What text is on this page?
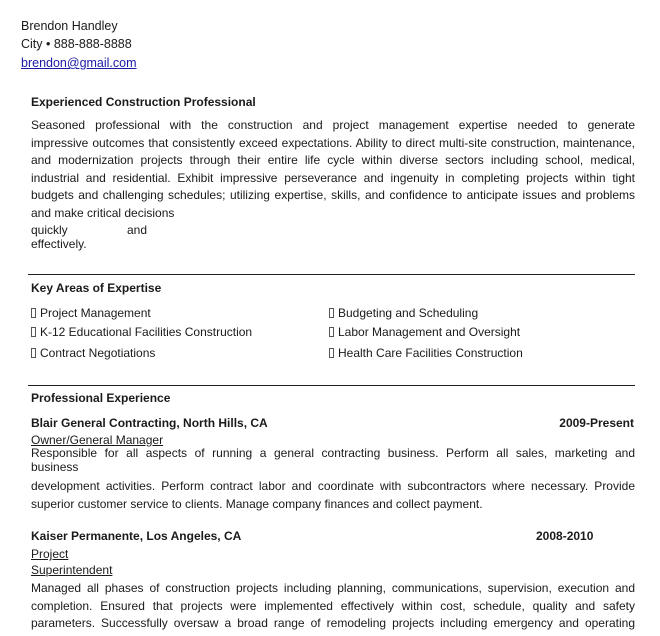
Brendon Handley
City • 888-888-8888
brendon@gmail.com
Experienced Construction Professional
Seasoned professional with the construction and project management expertise needed to generate
impressive outcomes that consistently exceed expectations. Ability to direct multi-site construction, maintenance,
and modernization projects through their entire life cycle within diverse sectors including school, medical,
industrial and residential. Exhibit impressive perseverance and ingenuity in completing projects within tight
budgets and challenging schedules; utilizing expertise, skills, and confidence to anticipate issues and problems
and make critical decisions
quickly and
effectively.
Key Areas of Expertise
Project Management
K-12 Educational Facilities Construction
Contract Negotiations
Budgeting and Scheduling
Labor Management and Oversight
Health Care Facilities Construction
Professional Experience
Blair General Contracting, North Hills, CA	2009-Present
Owner/General Manager
Responsible for all aspects of running a general contracting business. Perform all sales, marketing and
business
development activities. Perform contract labor and coordinate with subcontractors where necessary. Provide
superior customer service to clients. Manage company finances and collect payment.
Kaiser Permanente, Los Angeles, CA	2008-2010
Project
Superintendent
Managed all phases of construction projects including planning, communications, supervision, execution and
completion. Ensured that projects were implemented effectively within cost, schedule, quality and safety
parameters. Successfully oversaw a broad range of remodeling projects including emergency and operating
